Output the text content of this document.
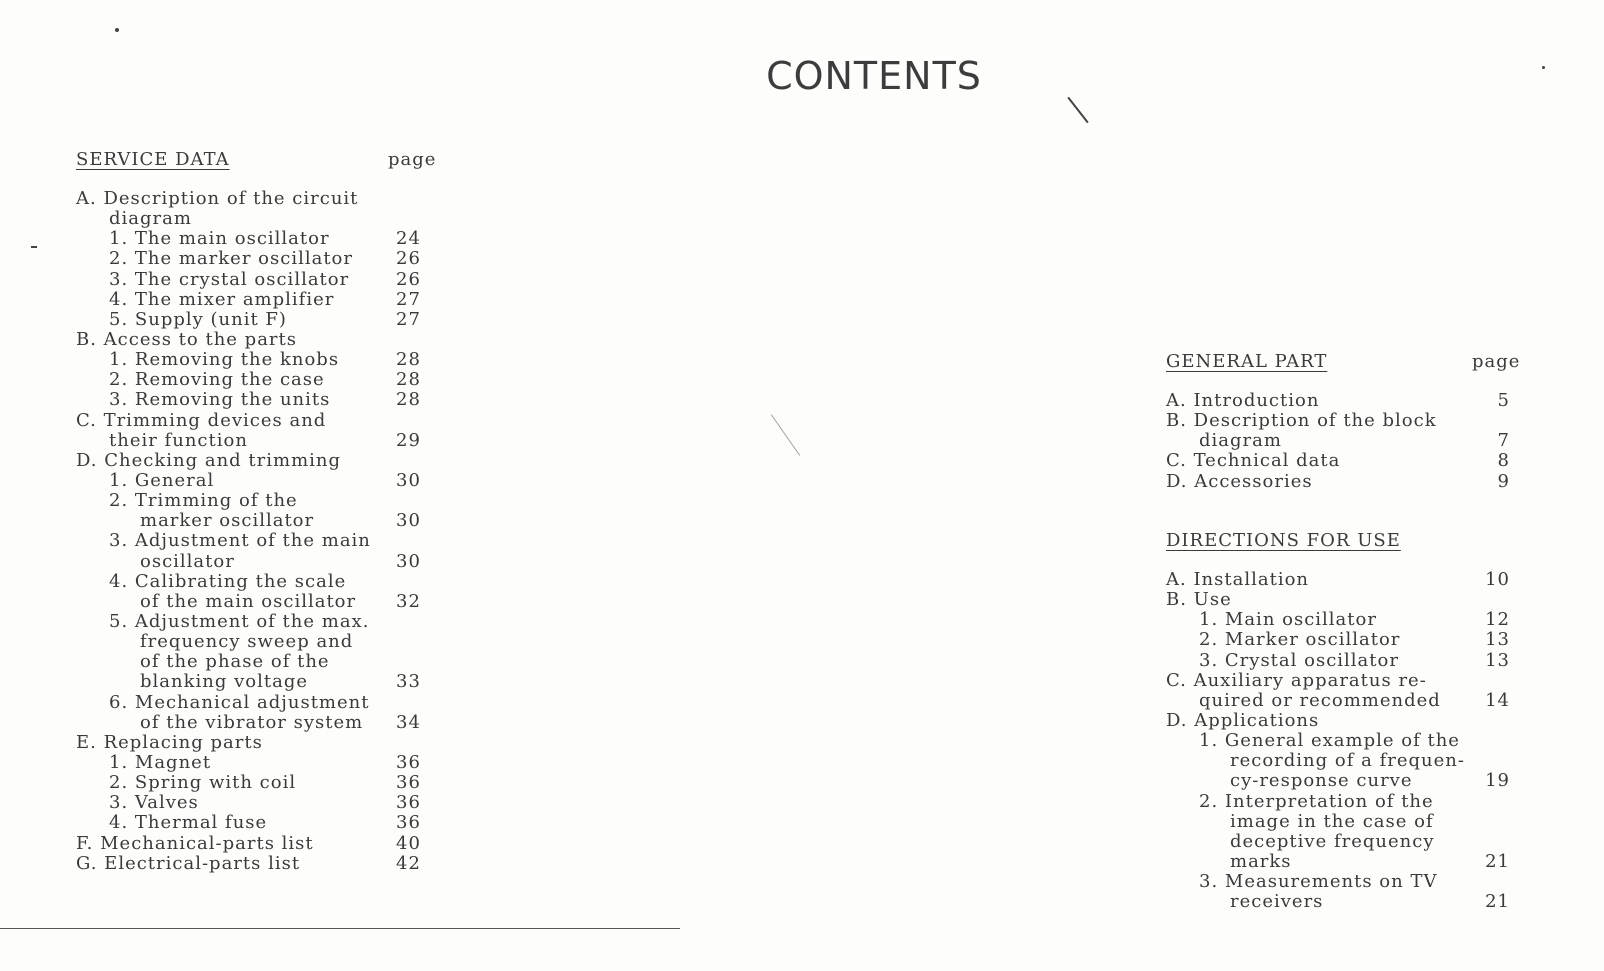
CONTENTS
SERVICE DATA	page
A. Description of the circuit
diagram
1. The main oscillator	24
2. The marker oscillator 26
3. The crystal oscillator	26
4. The mixer amplifier	27
5. Supply (unit F)	27
B. Access to the parts
1. Removing the knobs	28
2. Removing the case	28
3. Removing the units	28
C. Trimming devices and
their function	29
D. Checking and trimming
1. General	30
2. Trimming of the
marker oscillator	30
3. Adjustment of the main
oscillator	30
4. Calibrating the scale
of the main oscillator 32
5. Adjustment of the max.
frequency sweep and
of the phase of the
blanking voltage	33
6. Mechanical adjustment
of the vibrator system 34
E. Replacing parts
1. Magnet	36
2. Spring with coil	36
3. Valves	36
4. Thermal fuse	36
F. Mechanical-parts list	40
G. Electrical-parts list	42
GENERAL PART	page
A. Introduction	5
B. Description of the block
diagram	7
C. Technical data	8
D. Accessories	9
DIRECTIONS FOR USE
A. Installation	10
B. Use
1. Main oscillator	12
2. Marker oscillator	13
3. Crystal oscillator	13
C. Auxiliary apparatus re-
quired or recommended 14
D. Applications
1. General example of the
recording of a frequen-
cy-response curve	19
2. Interpretation of the
image in the case of
deceptive frequency
marks	21
3. Measurements on TV
receivers	21
